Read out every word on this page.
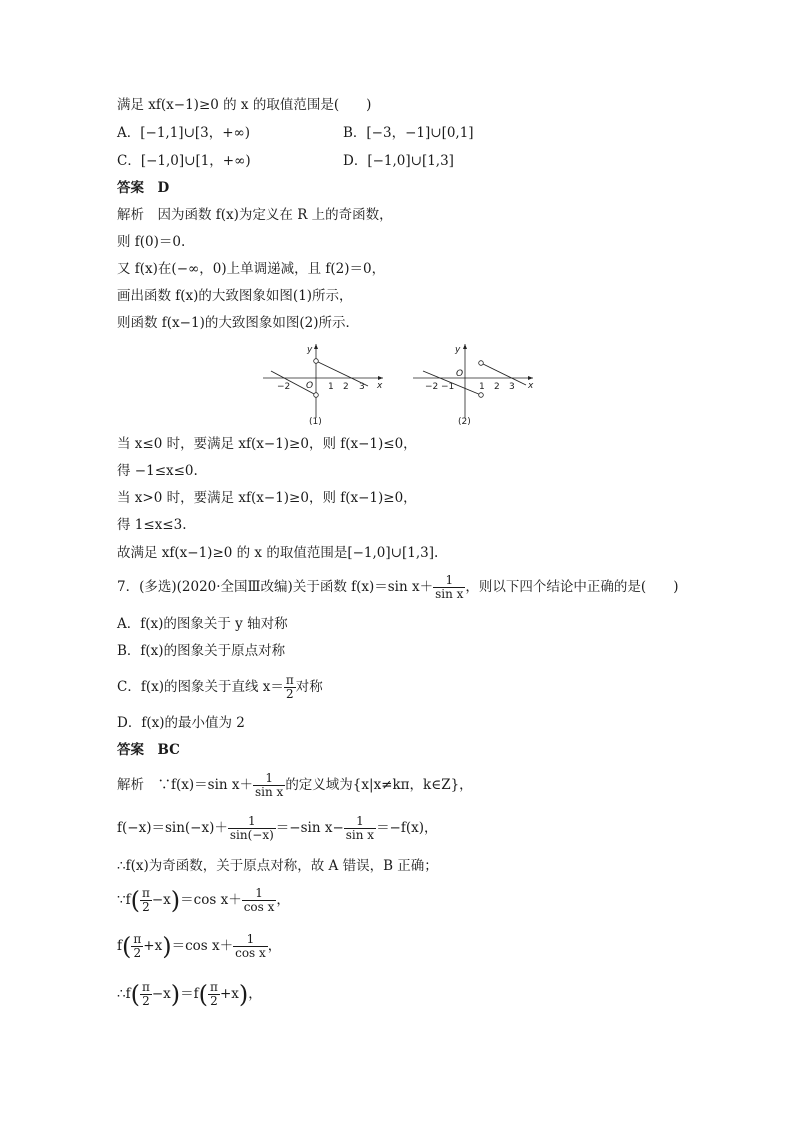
满足 xf(x−1)≥0 的 x 的取值范围是(　　)
A．[−1,1]∪[3，+∞)	B．[−3，−1]∪[0,1]
C．[−1,0]∪[1，+∞)	D．[−1,0]∪[1,3]
答案　D
解析　因为函数 f(x)为定义在 R 上的奇函数，
则 f(0)＝0.
又 f(x)在(−∞，0)上单调递减，且 f(2)＝0，
画出函数 f(x)的大致图象如图(1)所示，
则函数 f(x−1)的大致图象如图(2)所示．
y
x
O
−2	1 2 3
(1)
y
x
O
−2 −1	1 2 3
(2)
当 x≤0 时，要满足 xf(x−1)≥0，则 f(x−1)≤0，
得 −1≤x≤0.
当 x>0 时，要满足 xf(x−1)≥0，则 f(x−1)≥0，
得 1≤x≤3.
故满足 xf(x−1)≥0 的 x 的取值范围是[−1,0]∪[1,3].
7．(多选)(2020·全国Ⅲ改编)关于函数 f(x)＝sin $x+ \frac{1}{\text{sin x}}$ ，则以下四个结论中正确的是(　　)
A．f(x)的图象关于 y 轴对称
B．f(x)的图象关于原点对称
C．f(x)的图象关于直线 $x= \frac{\pi}{2}$ 对称
D．f(x)的最小值为 2
答案　BC
解析　∵f(x)＝sin $x+ \frac{1}{\text{sin x}}$ 的定义域为{x|x≠kπ，k∈Z}，
$f(-x)=\sin(-x)+ \frac{1}{\sin(-x)} =-\sin$ $x- \frac{1}{\text{sin x}} =-f(x)$，
∴f(x)为奇函数，关于原点对称，故 A 错误，B 正确；
∵f( $\frac{\pi}{2} -x)=\cos$ $x+ \frac{1}{\text{cos x}}$ ，
$f( \frac{\pi}{2} +x)=\cos$ $x+ \frac{1}{\text{cos x}}$ ，
∴f( $\frac{\pi}{2} -x)=f( \frac{\pi}{2} +x)$，
